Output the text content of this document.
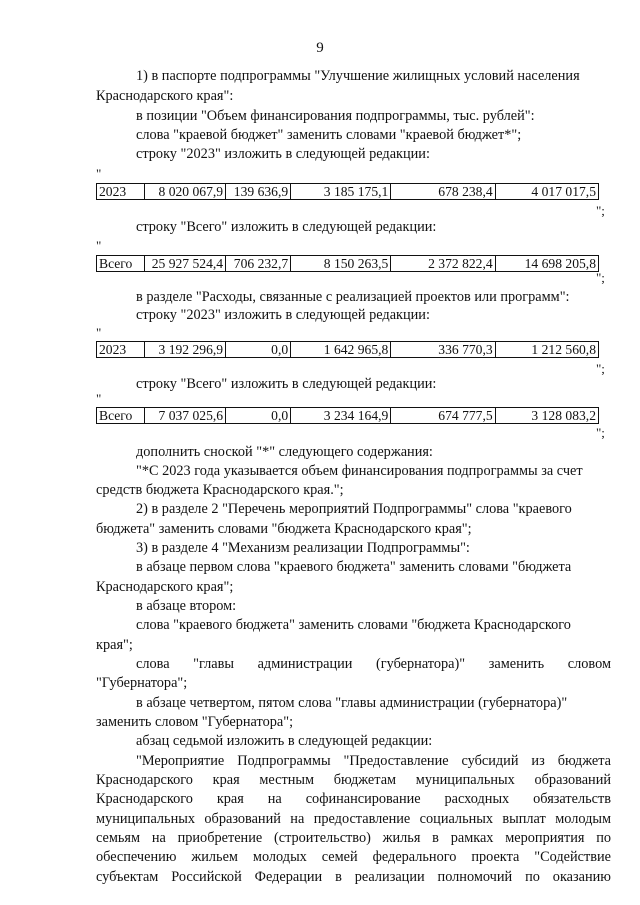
9
1) в паспорте подпрограммы "Улучшение жилищных условий населения
Краснодарского края":
в позиции "Объем финансирования подпрограммы, тыс. рублей":
слова "краевой бюджет" заменить словами "краевой бюджет*";
строку "2023" изложить в следующей редакции:
"
2023	8 020 067,9	139 636,9	3 185 175,1	678 238,4	4 017 017,5
";
строку "Всего" изложить в следующей редакции:
"
Всего	25 927 524,4	706 232,7	8 150 263,5	2 372 822,4	14 698 205,8
";
в разделе "Расходы, связанные с реализацией проектов или программ":
строку "2023" изложить в следующей редакции:
"
2023	3 192 296,9	0,0	1 642 965,8	336 770,3	1 212 560,8
";
строку "Всего" изложить в следующей редакции:
"
Всего	7 037 025,6	0,0	3 234 164,9	674 777,5	3 128 083,2
";
дополнить сноской "*" следующего содержания:
"*С 2023 года указывается объем финансирования подпрограммы за счет
средств бюджета Краснодарского края.";
2) в разделе 2 "Перечень мероприятий Подпрограммы" слова "краевого
бюджета" заменить словами "бюджета Краснодарского края";
3) в разделе 4 "Механизм реализации Подпрограммы":
в абзаце первом слова "краевого бюджета" заменить словами "бюджета
Краснодарского края";
в абзаце втором:
слова "краевого бюджета" заменить словами "бюджета Краснодарского
края";
слова "главы администрации (губернатора)" заменить словом
"Губернатора";
в абзаце четвертом, пятом слова "главы администрации (губернатора)"
заменить словом "Губернатора";
абзац седьмой изложить в следующей редакции:
"Мероприятие Подпрограммы "Предоставление субсидий из бюджета
Краснодарского края местным бюджетам муниципальных образований
Краснодарского края на софинансирование расходных обязательств
муниципальных образований на предоставление социальных выплат молодым
семьям на приобретение (строительство) жилья в рамках мероприятия по
обеспечению жильем молодых семей федерального проекта "Содействие
субъектам Российской Федерации в реализации полномочий по оказанию
